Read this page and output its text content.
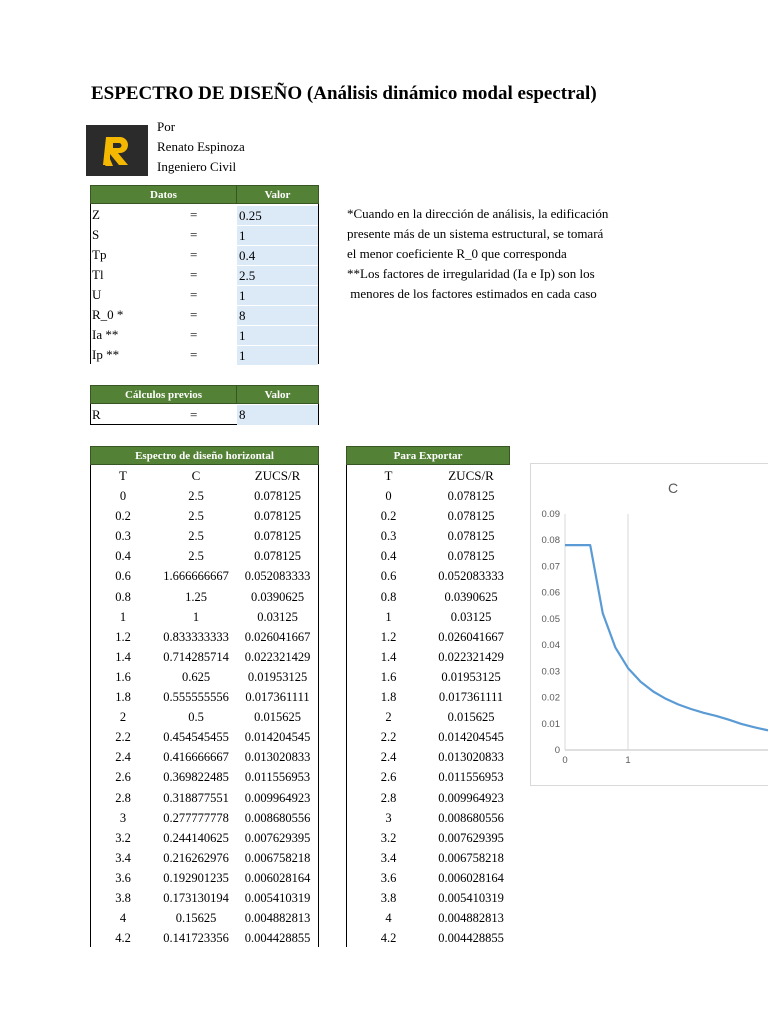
ESPECTRO DE DISEÑO (Análisis dinámico modal espectral)
Por
Renato Espinoza
Ingeniero Civil
Datos	Valor
Z	=	0.25
S	=	1
Tp	=	0.4
Tl	=	2.5
U	=	1
R_0 *	=	8
Ia **	=	1
Ip **	=	1
*Cuando en la dirección de análisis, la edificación
presente más de un sistema estructural, se tomará
el menor coeficiente R_0 que corresponda
**Los factores de irregularidad (Ia e Ip) son los
menores de los factores estimados en cada caso
Cálculos previos	Valor
R	=	8
Espectro de diseño horizontal
T	C	ZUCS/R
0	2.5	0.078125
0.2	2.5	0.078125
0.3	2.5	0.078125
0.4	2.5	0.078125
0.6	1.666666667	0.052083333
0.8	1.25	0.0390625
1	1	0.03125
1.2	0.833333333	0.026041667
1.4	0.714285714	0.022321429
1.6	0.625	0.01953125
1.8	0.555555556	0.017361111
2	0.5	0.015625
2.2	0.454545455	0.014204545
2.4	0.416666667	0.013020833
2.6	0.369822485	0.011556953
2.8	0.318877551	0.009964923
3	0.277777778	0.008680556
3.2	0.244140625	0.007629395
3.4	0.216262976	0.006758218
3.6	0.192901235	0.006028164
3.8	0.173130194	0.005410319
4	0.15625	0.004882813
4.2	0.141723356	0.004428855
Para Exportar
T	ZUCS/R
0	0.078125
0.2	0.078125
0.3	0.078125
0.4	0.078125
0.6	0.052083333
0.8	0.0390625
1	0.03125
1.2	0.026041667
1.4	0.022321429
1.6	0.01953125
1.8	0.017361111
2	0.015625
2.2	0.014204545
2.4	0.013020833
2.6	0.011556953
2.8	0.009964923
3	0.008680556
3.2	0.007629395
3.4	0.006758218
3.6	0.006028164
3.8	0.005410319
4	0.004882813
4.2	0.004428855
C
0
0.01
0.02
0.03
0.04
0.05
0.06
0.07
0.08
0.09
0	1
